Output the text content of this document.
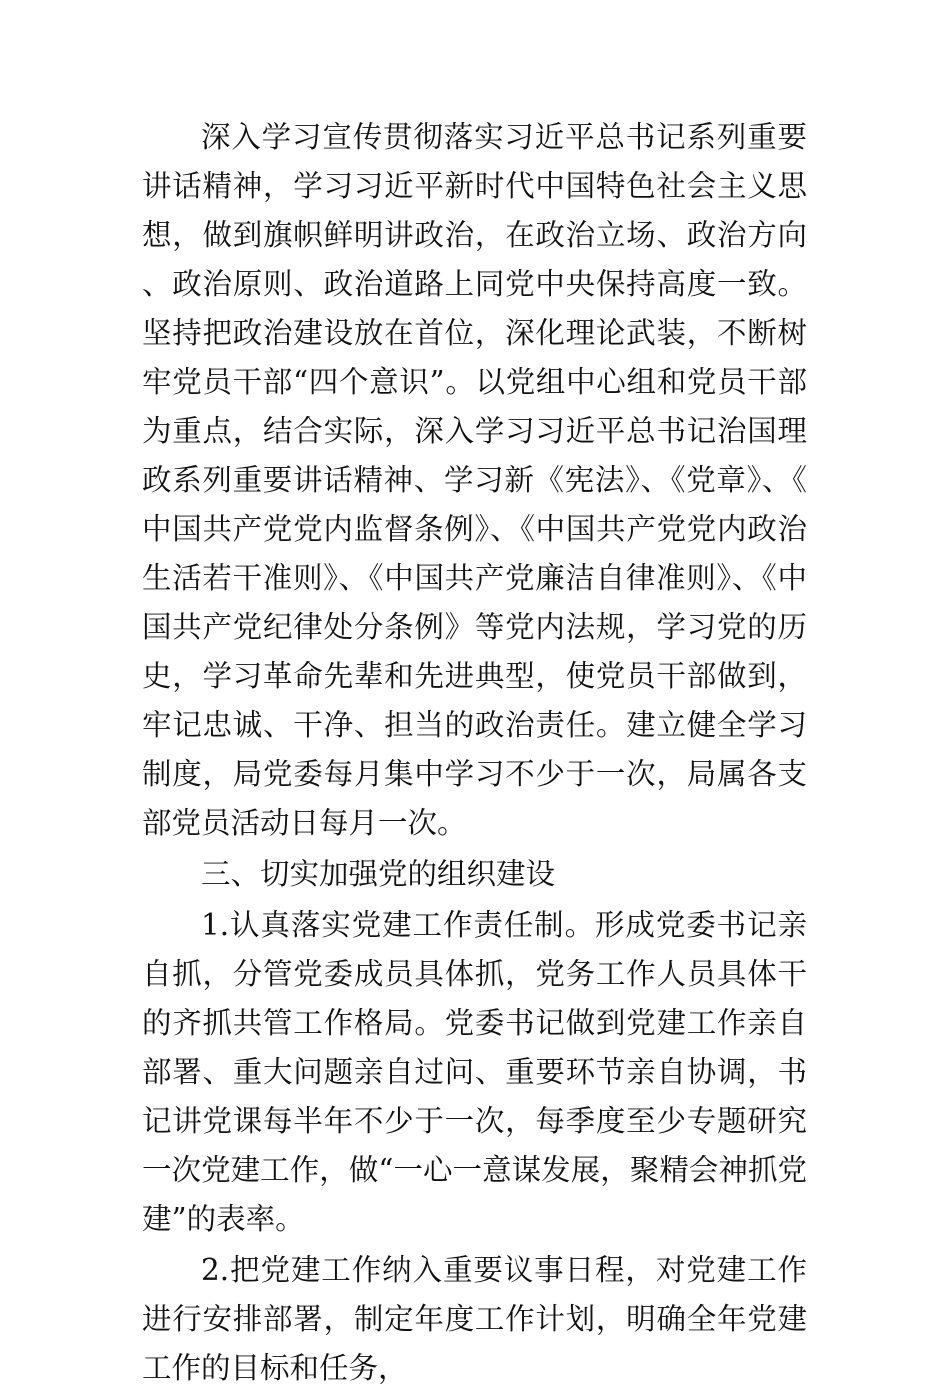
深入学习宣传贯彻落实习近平总书记系列重要讲话精神，学习习近平新时代中国特色社会主义思想，做到旗帜鲜明讲政治，在政治立场、政治方向、政治原则、政治道路上同党中央保持高度一致。坚持把政治建设放在首位，深化理论武装，不断树牢党员干部“四个意识”。以党组中心组和党员干部为重点，结合实际，深入学习习近平总书记治国理政系列重要讲话精神、学习新《宪法》、《党章》、《中国共产党党内监督条例》、《中国共产党党内政治生活若干准则》、《中国共产党廉洁自律准则》、《中国共产党纪律处分条例》等党内法规，学习党的历史，学习革命先辈和先进典型，使党员干部做到，牢记忠诚、干净、担当的政治责任。建立健全学习制度，局党委每月集中学习不少于一次，局属各支部党员活动日每月一次。

三、切实加强党的组织建设

1.认真落实党建工作责任制。形成党委书记亲自抓，分管党委成员具体抓，党务工作人员具体干的齐抓共管工作格局。党委书记做到党建工作亲自部署、重大问题亲自过问、重要环节亲自协调，书记讲党课每半年不少于一次，每季度至少专题研究一次党建工作，做“一心一意谋发展，聚精会神抓党建”的表率。

2.把党建工作纳入重要议事日程，对党建工作进行安排部署，制定年度工作计划，明确全年党建工作的目标和任务，
